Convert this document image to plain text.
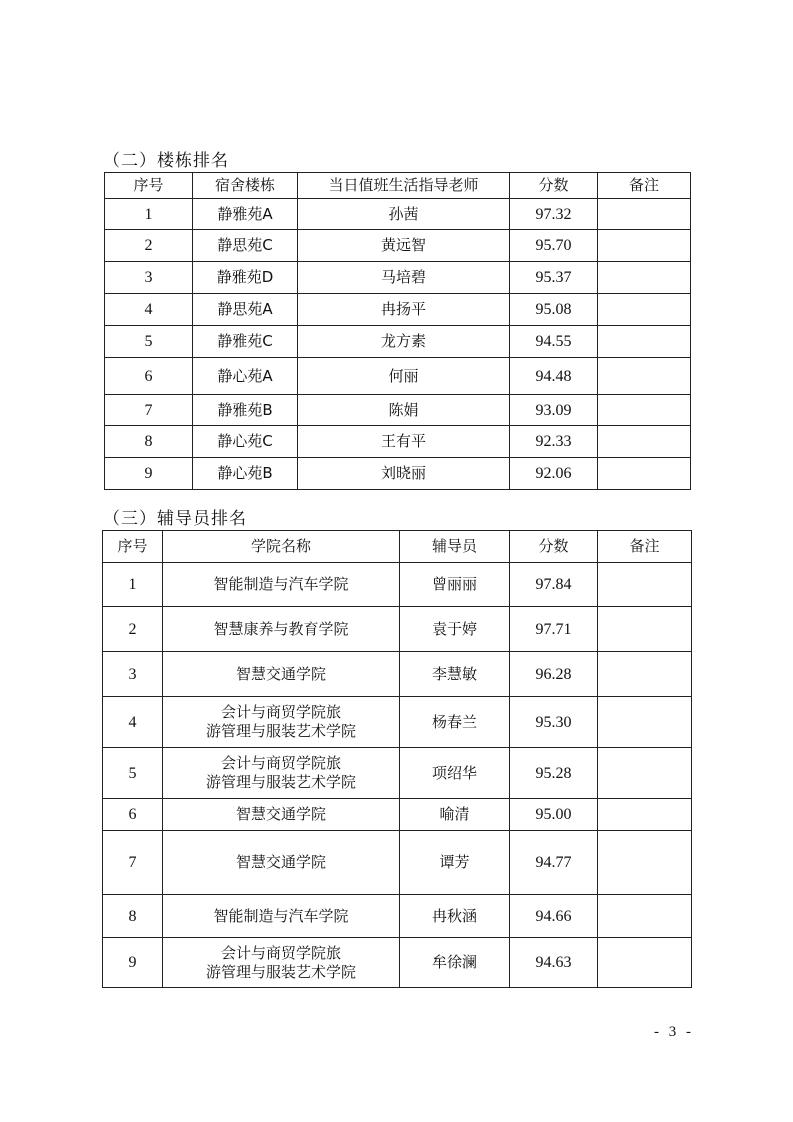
（二）楼栋排名
序号	宿舍楼栋	当日值班生活指导老师	分数	备注
1	静雅苑A	孙茜	97.32	
2	静思苑C	黄远智	95.70	
3	静雅苑D	马培碧	95.37	
4	静思苑A	冉扬平	95.08	
5	静雅苑C	龙方素	94.55	
6	静心苑A	何丽	94.48	
7	静雅苑B	陈娟	93.09	
8	静心苑C	王有平	92.33	
9	静心苑B	刘晓丽	92.06	
（三）辅导员排名
序号	学院名称	辅导员	分数	备注
1	智能制造与汽车学院	曾丽丽	97.84	
2	智慧康养与教育学院	袁于婷	97.71	
3	智慧交通学院	李慧敏	96.28	
4	会计与商贸学院旅
游管理与服装艺术学院	杨春兰	95.30	
5	会计与商贸学院旅
游管理与服装艺术学院	项绍华	95.28	
6	智慧交通学院	喻清	95.00	
7	智慧交通学院	谭芳	94.77	
8	智能制造与汽车学院	冉秋涵	94.66	
9	会计与商贸学院旅
游管理与服装艺术学院	牟徐澜	94.63	
- 3 -
